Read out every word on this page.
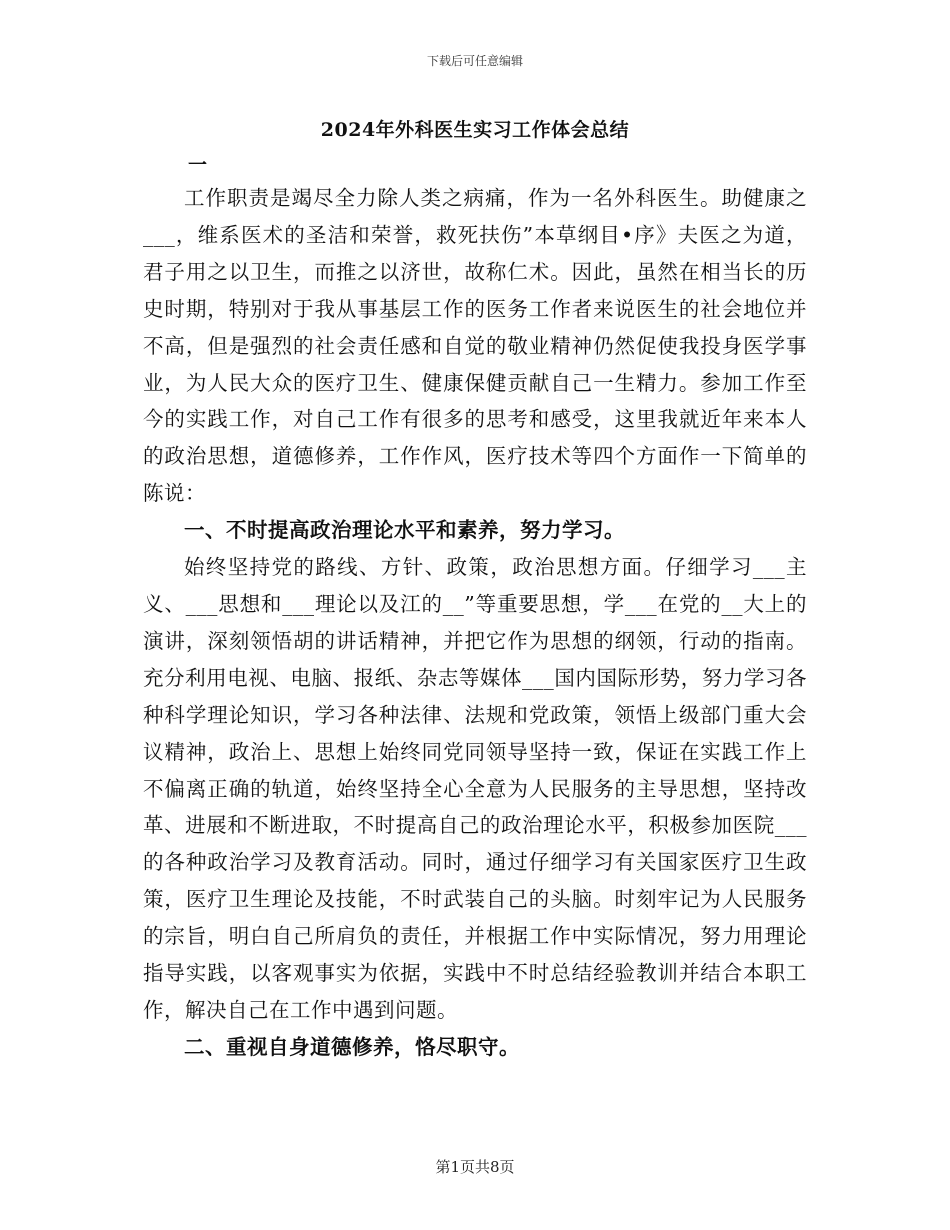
下载后可任意编辑
2024年外科医生实习工作体会总结
一

工作职责是竭尽全力除人类之病痛，作为一名外科医生。助健康之___，维系医术的圣洁和荣誉，救死扶伤”本草纲目•序》夫医之为道，君子用之以卫生，而推之以济世，故称仁术。因此，虽然在相当长的历史时期，特别对于我从事基层工作的医务工作者来说医生的社会地位并不高，但是强烈的社会责任感和自觉的敬业精神仍然促使我投身医学事业，为人民大众的医疗卫生、健康保健贡献自己一生精力。参加工作至今的实践工作，对自己工作有很多的思考和感受，这里我就近年来本人的政治思想，道德修养，工作作风，医疗技术等四个方面作一下简单的陈说：

一、不时提高政治理论水平和素养，努力学习。

始终坚持党的路线、方针、政策，政治思想方面。仔细学习___主义、___思想和___理论以及江的__”等重要思想，学___在党的__大上的演讲，深刻领悟胡的讲话精神，并把它作为思想的纲领，行动的指南。充分利用电视、电脑、报纸、杂志等媒体___国内国际形势，努力学习各种科学理论知识，学习各种法律、法规和党政策，领悟上级部门重大会议精神，政治上、思想上始终同党同领导坚持一致，保证在实践工作上不偏离正确的轨道，始终坚持全心全意为人民服务的主导思想，坚持改革、进展和不断进取，不时提高自己的政治理论水平，积极参加医院___的各种政治学习及教育活动。同时，通过仔细学习有关国家医疗卫生政策，医疗卫生理论及技能，不时武装自己的头脑。时刻牢记为人民服务的宗旨，明白自己所肩负的责任，并根据工作中实际情况，努力用理论指导实践，以客观事实为依据，实践中不时总结经验教训并结合本职工作，解决自己在工作中遇到问题。

二、重视自身道德修养，恪尽职守。

第1页共8页
